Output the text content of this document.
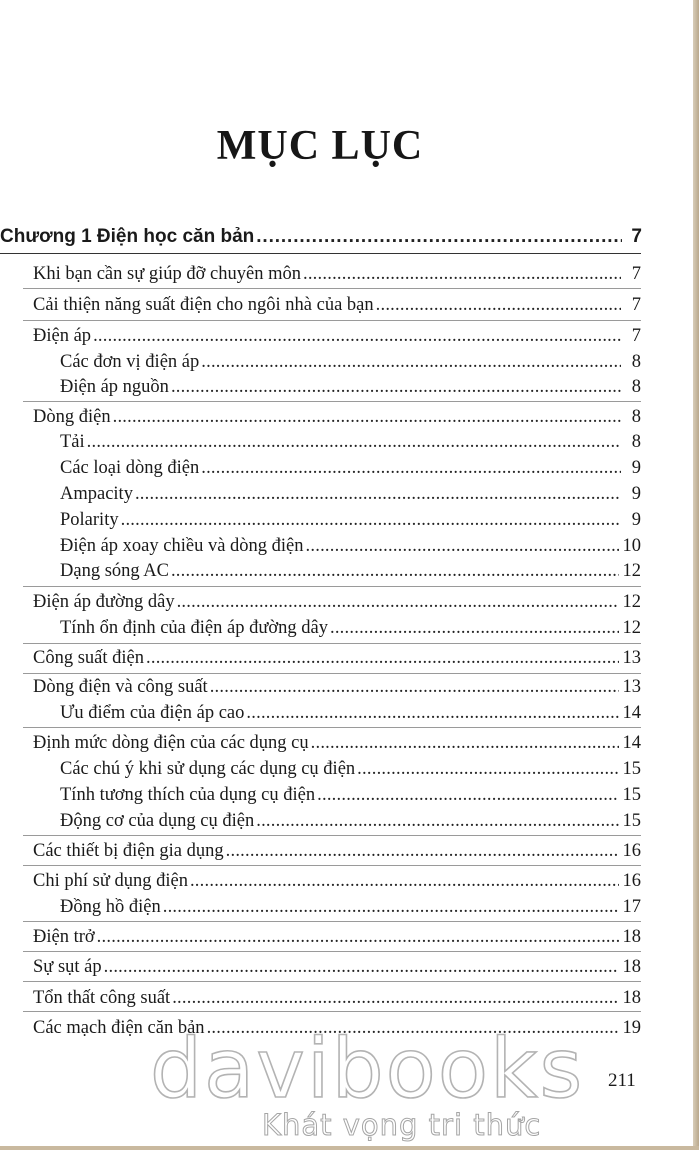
MỤC LỤC
Chương 1 Điện học căn bản . . .	7
Khi bạn cần sự giúp đỡ chuyên môn . . .	7
Cải thiện năng suất điện cho ngôi nhà của bạn . . .	7
Điện áp . . .	7
Các đơn vị điện áp . . .	8
Điện áp nguồn . . .	8
Dòng điện . . .	8
Tải . . .	8
Các loại dòng điện . . .	9
Ampacity . . .	9
Polarity . . .	9
Điện áp xoay chiều và dòng điện . . .	10
Dạng sóng AC . . .	12
Điện áp đường dây . . .	12
Tính ổn định của điện áp đường dây . . .	12
Công suất điện . . .	13
Dòng điện và công suất . . .	13
Ưu điểm của điện áp cao . . .	14
Định mức dòng điện của các dụng cụ . . .	14
Các chú ý khi sử dụng các dụng cụ điện . . .	15
Tính tương thích của dụng cụ điện . . .	15
Động cơ của dụng cụ điện . . .	15
Các thiết bị điện gia dụng . . .	16
Chi phí sử dụng điện . . .	16
Đồng hồ điện . . .	17
Điện trở . . .	18
Sự sụt áp . . .	18
Tổn thất công suất . . .	18
Các mạch điện căn bản . . .	19
davibooks 211
Khát vọng tri thức
